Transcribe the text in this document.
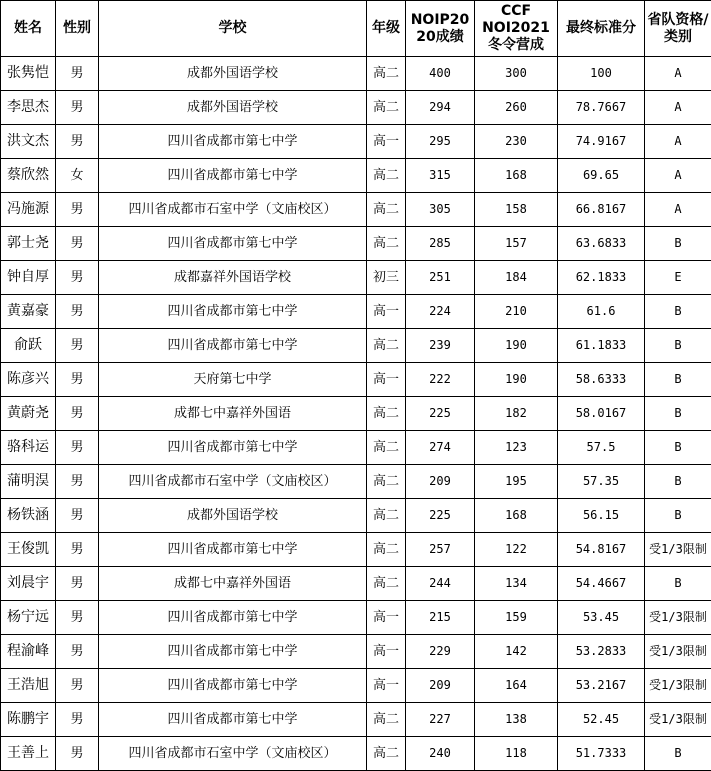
姓名	性别	学校	年级	NOIP2020成绩	CCF NOI2021 冬令营成	最终标准分	省队资格/类别
张隽恺	男	成都外国语学校	高二	400	300	100	A
李思杰	男	成都外国语学校	高二	294	260	78.7667	A
洪文杰	男	四川省成都市第七中学	高一	295	230	74.9167	A
蔡欣然	女	四川省成都市第七中学	高二	315	168	69.65	A
冯施源	男	四川省成都市石室中学（文庙校区）	高二	305	158	66.8167	A
郭士尧	男	四川省成都市第七中学	高二	285	157	63.6833	B
钟自厚	男	成都嘉祥外国语学校	初三	251	184	62.1833	E
黄嘉豪	男	四川省成都市第七中学	高一	224	210	61.6	B
俞跃	男	四川省成都市第七中学	高二	239	190	61.1833	B
陈彦兴	男	天府第七中学	高一	222	190	58.6333	B
黄蔚尧	男	成都七中嘉祥外国语	高二	225	182	58.0167	B
骆科运	男	四川省成都市第七中学	高二	274	123	57.5	B
蒲明淏	男	四川省成都市石室中学（文庙校区）	高二	209	195	57.35	B
杨铁涵	男	成都外国语学校	高二	225	168	56.15	B
王俊凯	男	四川省成都市第七中学	高二	257	122	54.8167	受1/3限制
刘晨宇	男	成都七中嘉祥外国语	高二	244	134	54.4667	B
杨宁远	男	四川省成都市第七中学	高一	215	159	53.45	受1/3限制
程渝峰	男	四川省成都市第七中学	高一	229	142	53.2833	受1/3限制
王浩旭	男	四川省成都市第七中学	高一	209	164	53.2167	受1/3限制
陈鹏宇	男	四川省成都市第七中学	高二	227	138	52.45	受1/3限制
王善上	男	四川省成都市石室中学（文庙校区）	高二	240	118	51.7333	B
